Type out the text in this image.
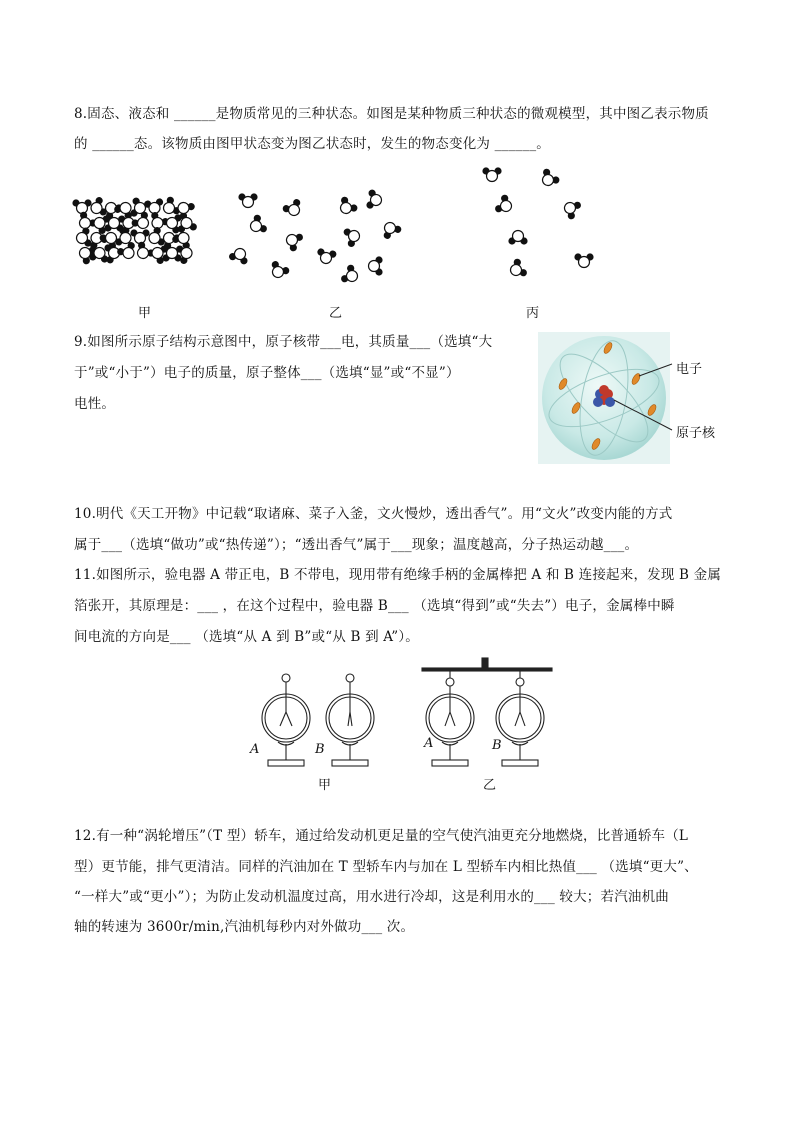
8.固态、液态和 ______是物质常见的三种状态。如图是某种物质三种状态的微观模型，其中图乙表示物质
的 ______态。该物质由图甲状态变为图乙状态时，发生的物态变化为 ______。
甲	乙	丙
9.如图所示原子结构示意图中，原子核带___电，其质量___（选填“大
于”或“小于”）电子的质量，原子整体___（选填“显”或“不显”）
电性。
电子
原子核
10.明代《天工开物》中记载“取诸麻、菜子入釜，文火慢炒，透出香气”。用“文火”改变内能的方式
属于___（选填“做功”或“热传递”）；“透出香气”属于___现象；温度越高，分子热运动越___。
11.如图所示，验电器 A 带正电，B 不带电，现用带有绝缘手柄的金属棒把 A 和 B 连接起来，发现 B 金属
箔张开，其原理是：___ ，在这个过程中，验电器 B___ （选填“得到”或“失去”）电子，金属棒中瞬
间电流的方向是___ （选填“从 A 到 B”或“从 B 到 A”）。
A	B
甲
A	B
乙
12.有一种“涡轮增压”（T 型）轿车，通过给发动机更足量的空气使汽油更充分地燃烧，比普通轿车（L
型）更节能，排气更清洁。同样的汽油加在 T 型轿车内与加在 L 型轿车内相比热值___ （选填“更大”、
“一样大”或“更小”）；为防止发动机温度过高，用水进行冷却，这是利用水的___ 较大；若汽油机曲
轴的转速为 3600r/min,汽油机每秒内对外做功___ 次。
